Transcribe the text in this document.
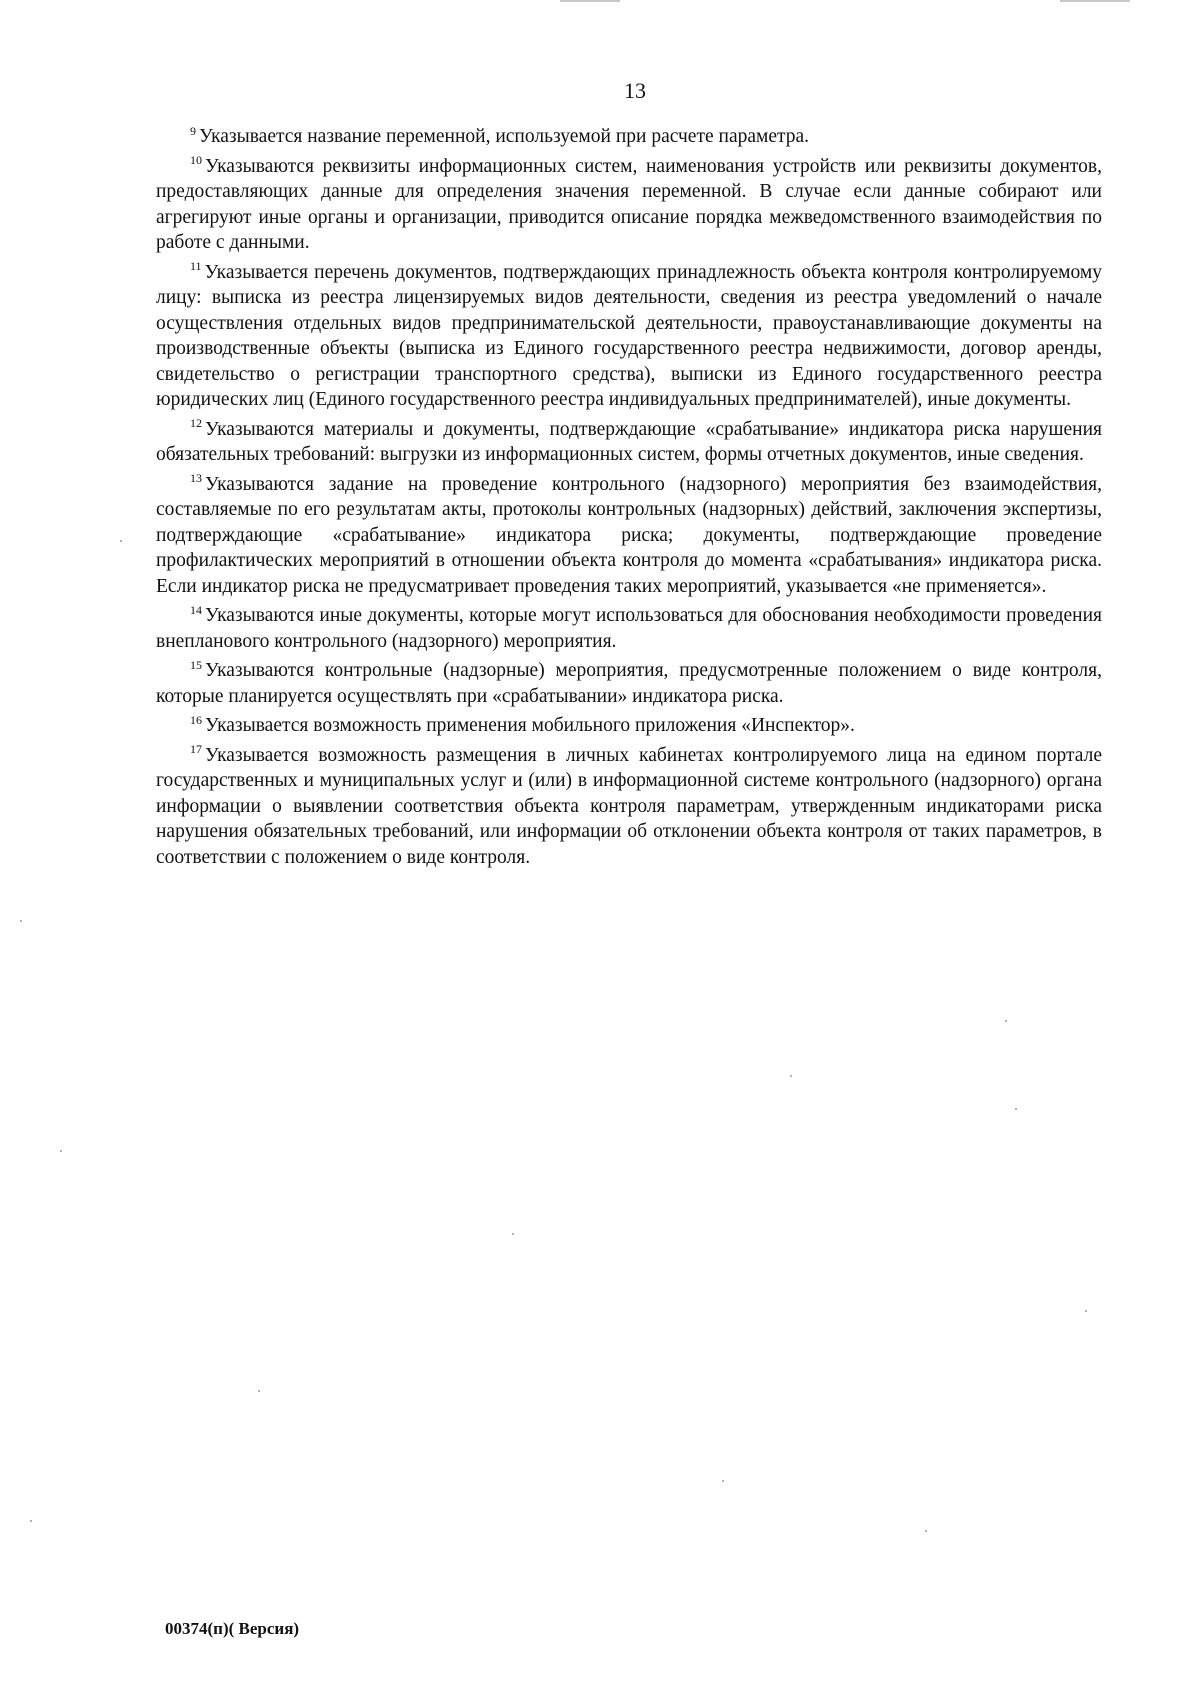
13

$^9$ Указывается название переменной, используемой при расчете параметра.

$^{10}$ Указываются реквизиты информационных систем, наименования устройств или реквизиты документов, предоставляющих данные для определения значения переменной. В случае если данные собирают или агрегируют иные органы и организации, приводится описание порядка межведомственного взаимодействия по работе с данными.

$^{11}$ Указывается перечень документов, подтверждающих принадлежность объекта контроля контролируемому лицу: выписка из реестра лицензируемых видов деятельности, сведения из реестра уведомлений о начале осуществления отдельных видов предпринимательской деятельности, правоустанавливающие документы на производственные объекты (выписка из Единого государственного реестра недвижимости, договор аренды, свидетельство о регистрации транспортного средства), выписки из Единого государственного реестра юридических лиц (Единого государственного реестра индивидуальных предпринимателей), иные документы.

$^{12}$ Указываются материалы и документы, подтверждающие «срабатывание» индикатора риска нарушения обязательных требований: выгрузки из информационных систем, формы отчетных документов, иные сведения.

$^{13}$ Указываются задание на проведение контрольного (надзорного) мероприятия без взаимодействия, составляемые по его результатам акты, протоколы контрольных (надзорных) действий, заключения экспертизы, подтверждающие «срабатывание» индикатора риска; документы, подтверждающие проведение профилактических мероприятий в отношении объекта контроля до момента «срабатывания» индикатора риска. Если индикатор риска не предусматривает проведения таких мероприятий, указывается «не применяется».

$^{14}$ Указываются иные документы, которые могут использоваться для обоснования необходимости проведения внепланового контрольного (надзорного) мероприятия.

$^{15}$ Указываются контрольные (надзорные) мероприятия, предусмотренные положением о виде контроля, которые планируется осуществлять при «срабатывании» индикатора риска.

$^{16}$ Указывается возможность применения мобильного приложения «Инспектор».

$^{17}$ Указывается возможность размещения в личных кабинетах контролируемого лица на едином портале государственных и муниципальных услуг и (или) в информационной системе контрольного (надзорного) органа информации о выявлении соответствия объекта контроля параметрам, утвержденным индикаторами риска нарушения обязательных требований, или информации об отклонении объекта контроля от таких параметров, в соответствии с положением о виде контроля.

00374(п)( Версия)
